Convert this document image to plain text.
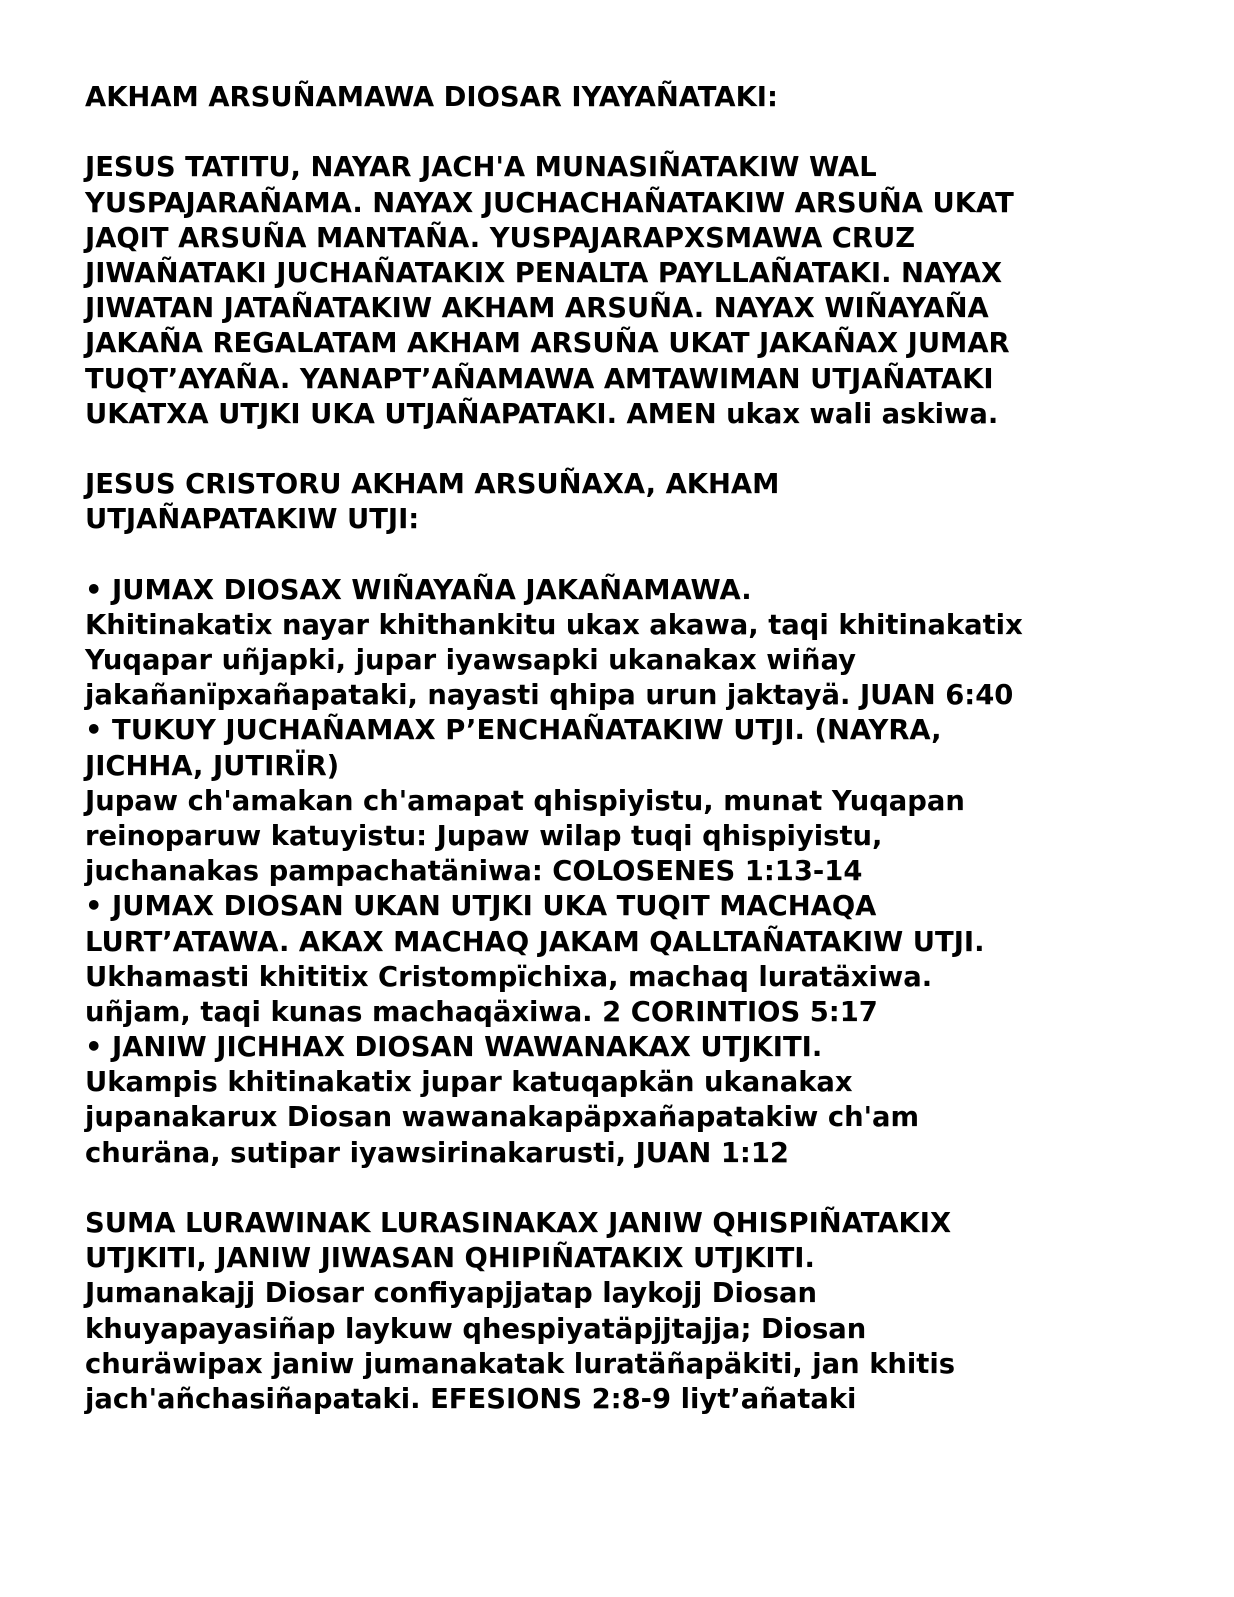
AKHAM ARSUÑAMAWA DIOSAR IYAYAÑATAKI:
JESUS TATITU, NAYAR JACH'A MUNASIÑATAKIW WAL
YUSPAJARAÑAMA. NAYAX JUCHACHAÑATAKIW ARSUÑA UKAT
JAQIT ARSUÑA MANTAÑA. YUSPAJARAPXSMAWA CRUZ
JIWAÑATAKI JUCHAÑATAKIX PENALTA PAYLLAÑATAKI. NAYAX
JIWATAN JATAÑATAKIW AKHAM ARSUÑA. NAYAX WIÑAYAÑA
JAKAÑA REGALATAM AKHAM ARSUÑA UKAT JAKAÑAX JUMAR
TUQT’AYAÑA. YANAPT’AÑAMAWA AMTAWIMAN UTJAÑATAKI
UKATXA UTJKI UKA UTJAÑAPATAKI. AMEN ukax wali askiwa.
JESUS CRISTORU AKHAM ARSUÑAXA, AKHAM
UTJAÑAPATAKIW UTJI:
• JUMAX DIOSAX WIÑAYAÑA JAKAÑAMAWA.
Khitinakatix nayar khithankitu ukax akawa, taqi khitinakatix
Yuqapar uñjapki, jupar iyawsapki ukanakax wiñay
jakañanïpxañapataki, nayasti qhipa urun jaktayä. JUAN 6:40
• TUKUY JUCHAÑAMAX P’ENCHAÑATAKIW UTJI. (NAYRA,
JICHHA, JUTIRÏR)
Jupaw ch'amakan ch'amapat qhispiyistu, munat Yuqapan
reinoparuw katuyistu: Jupaw wilap tuqi qhispiyistu,
juchanakas pampachatäniwa: COLOSENES 1:13-14
• JUMAX DIOSAN UKAN UTJKI UKA TUQIT MACHAQA
LURT’ATAWA. AKAX MACHAQ JAKAM QALLTAÑATAKIW UTJI.
Ukhamasti khititix Cristompïchixa, machaq luratäxiwa.
uñjam, taqi kunas machaqäxiwa. 2 CORINTIOS 5:17
• JANIW JICHHAX DIOSAN WAWANAKAX UTJKITI.
Ukampis khitinakatix jupar katuqapkän ukanakax
jupanakarux Diosan wawanakapäpxañapatakiw ch'am
churäna, sutipar iyawsirinakarusti, JUAN 1:12
SUMA LURAWINAK LURASINAKAX JANIW QHISPIÑATAKIX
UTJKITI, JANIW JIWASAN QHIPIÑATAKIX UTJKITI.
Jumanakajj Diosar confiyapjjatap laykojj Diosan
khuyapayasiñap laykuw qhespiyatäpjjtajja; Diosan
churäwipax janiw jumanakatak luratäñapäkiti, jan khitis
jach'añchasiñapataki. EFESIONS 2:8-9 liyt’añataki
